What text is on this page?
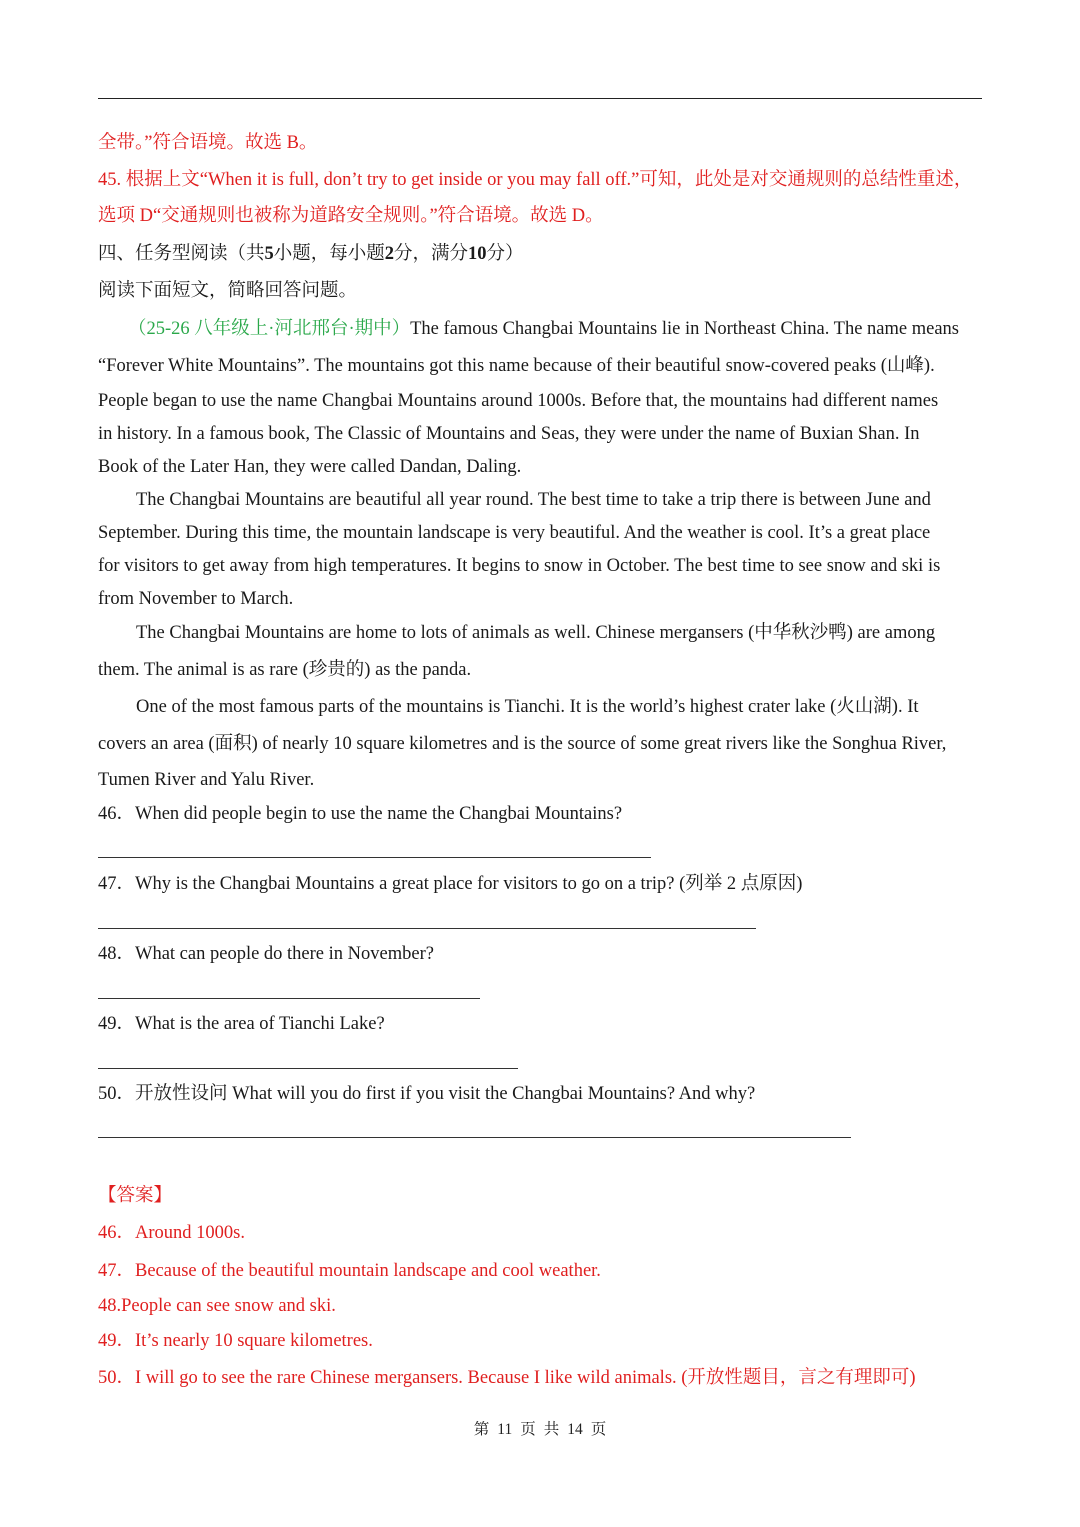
全带。”符合语境。故选 B。
45. 根据上文“When it is full, don’t try to get inside or you may fall off.”可知，此处是对交通规则的总结性重述，
选项 D“交通规则也被称为道路安全规则。”符合语境。故选 D。
四、任务型阅读（共5小题，每小题2分，满分10分）
阅读下面短文，简略回答问题。
（25-26 八年级上·河北邢台·期中）The famous Changbai Mountains lie in Northeast China. The name means
“Forever White Mountains”. The mountains got this name because of their beautiful snow-covered peaks (山峰).
People began to use the name Changbai Mountains around 1000s. Before that, the mountains had different names
in history. In a famous book, The Classic of Mountains and Seas, they were under the name of Buxian Shan. In
Book of the Later Han, they were called Dandan, Daling.
The Changbai Mountains are beautiful all year round. The best time to take a trip there is between June and
September. During this time, the mountain landscape is very beautiful. And the weather is cool. It’s a great place
for visitors to get away from high temperatures. It begins to snow in October. The best time to see snow and ski is
from November to March.
The Changbai Mountains are home to lots of animals as well. Chinese mergansers (中华秋沙鸭) are among
them. The animal is as rare (珍贵的) as the panda.
One of the most famous parts of the mountains is Tianchi. It is the world’s highest crater lake (火山湖). It
covers an area (面积) of nearly 10 square kilometres and is the source of some great rivers like the Songhua River,
Tumen River and Yalu River.
46．When did people begin to use the name the Changbai Mountains?
47．Why is the Changbai Mountains a great place for visitors to go on a trip? (列举 2 点原因)
48．What can people do there in November?
49．What is the area of Tianchi Lake?
50．开放性设问 What will you do first if you visit the Changbai Mountains? And why?
【答案】
46．Around 1000s.
47．Because of the beautiful mountain landscape and cool weather.
48.People can see snow and ski.
49．It’s nearly 10 square kilometres.
50．I will go to see the rare Chinese mergansers. Because I like wild animals. (开放性题目，言之有理即可)
第 11 页 共 14 页
